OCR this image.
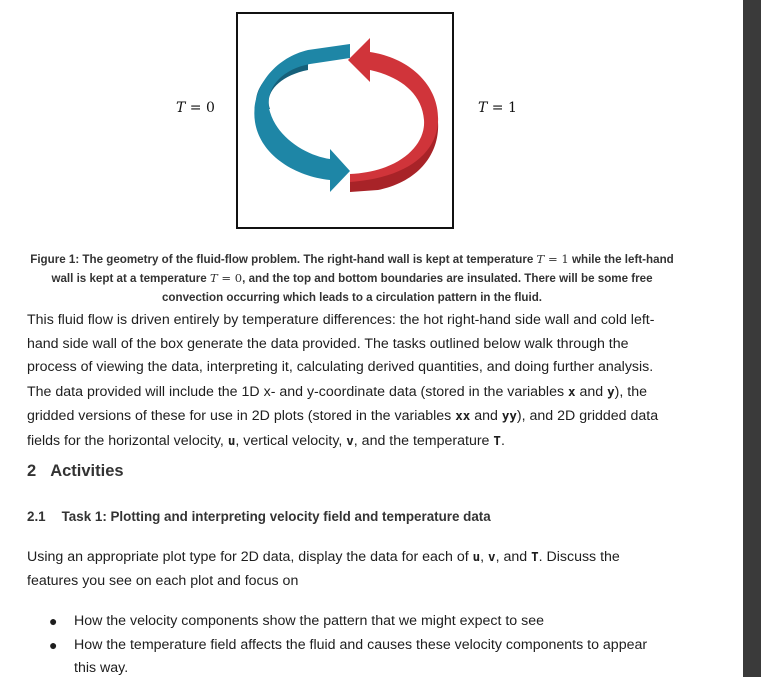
T = 0	T = 1
Figure 1: The geometry of the fluid-flow problem. The right-hand wall is kept at temperature T = 1 while the left-hand wall is kept at a temperature T = 0, and the top and bottom boundaries are insulated. There will be some free convection occurring which leads to a circulation pattern in the fluid.
This fluid flow is driven entirely by temperature differences: the hot right-hand side wall and cold left-hand side wall of the box generate the data provided. The tasks outlined below walk through the process of viewing the data, interpreting it, calculating derived quantities, and doing further analysis. The data provided will include the 1D x- and y-coordinate data (stored in the variables x and y), the gridded versions of these for use in 2D plots (stored in the variables xx and yy), and 2D gridded data fields for the horizontal velocity, u, vertical velocity, v, and the temperature T.
2 Activities
2.1 Task 1: Plotting and interpreting velocity field and temperature data
Using an appropriate plot type for 2D data, display the data for each of u, v, and T. Discuss the features you see on each plot and focus on
● How the velocity components show the pattern that we might expect to see
● How the temperature field affects the fluid and causes these velocity components to appear this way.
